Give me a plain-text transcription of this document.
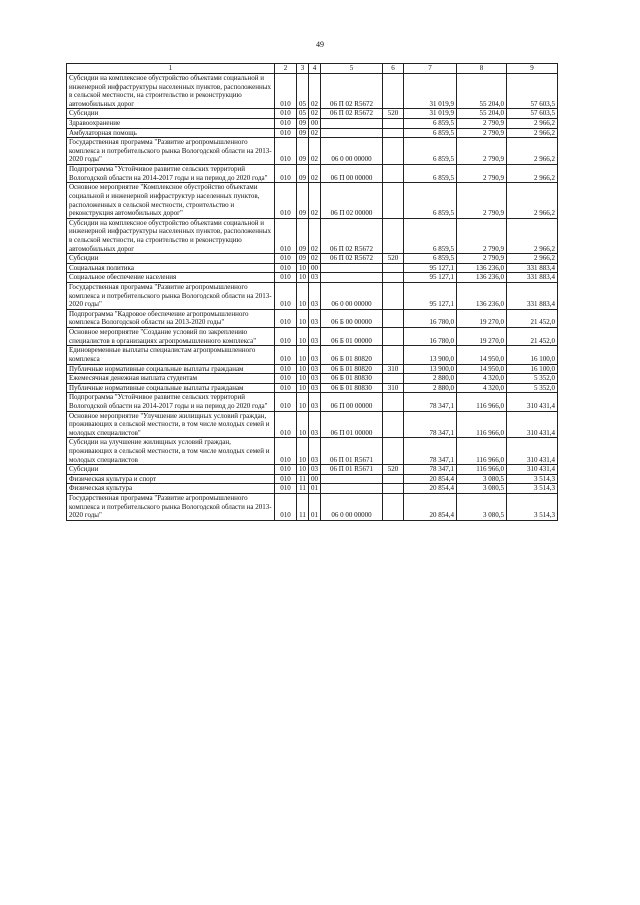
49
1	2	3	4	5	6	7	8	9
Субсидии на комплексное обустройство объектами социальной и инженерной инфраструктуры населенных пунктов, расположенных в сельской местности, на строительство и реконструкцию автомобильных дорог	010	05	02	06 П 02 R5672		31 019,9	55 204,0	57 603,5
Субсидии	010	05	02	06 П 02 R5672	520	31 019,9	55 204,0	57 603,5
Здравоохранение	010	09	00			6 859,5	2 790,9	2 966,2
Амбулаторная помощь	010	09	02			6 859,5	2 790,9	2 966,2
Государственная программа "Развитие агропромышленного комплекса и потребительского рынка Вологодской области на 2013-2020 годы"	010	09	02	06 0 00 00000		6 859,5	2 790,9	2 966,2
Подпрограмма "Устойчивое развитие сельских территорий Вологодской области на 2014-2017 годы и на период до 2020 года"	010	09	02	06 П 00 00000		6 859,5	2 790,9	2 966,2
Основное мероприятие "Комплексное обустройство объектами социальной и инженерной инфраструктур населенных пунктов, расположенных в сельской местности, строительство и реконструкция автомобильных дорог"	010	09	02	06 П 02 00000		6 859,5	2 790,9	2 966,2
Субсидии на комплексное обустройство объектами социальной и инженерной инфраструктуры населенных пунктов, расположенных в сельской местности, на строительство и реконструкцию автомобильных дорог	010	09	02	06 П 02 R5672		6 859,5	2 790,9	2 966,2
Субсидии	010	09	02	06 П 02 R5672	520	6 859,5	2 790,9	2 966,2
Социальная политика	010	10	00			95 127,1	136 236,0	331 883,4
Социальное обеспечение населения	010	10	03			95 127,1	136 236,0	331 883,4
Государственная программа "Развитие агропромышленного комплекса и потребительского рынка Вологодской области на 2013-2020 годы"	010	10	03	06 0 00 00000		95 127,1	136 236,0	331 883,4
Подпрограмма "Кадровое обеспечение агропромышленного комплекса Вологодской области на 2013-2020 годы"	010	10	03	06 Б 00 00000		16 780,0	19 270,0	21 452,0
Основное мероприятие "Создание условий по закреплению специалистов в организациях агропромышленного комплекса"	010	10	03	06 Б 01 00000		16 780,0	19 270,0	21 452,0
Единовременные выплаты специалистам агропромышленного комплекса	010	10	03	06 Б 01 80820		13 900,0	14 950,0	16 100,0
Публичные нормативные социальные выплаты гражданам	010	10	03	06 Б 01 80820	310	13 900,0	14 950,0	16 100,0
Ежемесячная денежная выплата студентам	010	10	03	06 Б 01 80830		2 880,0	4 320,0	5 352,0
Публичные нормативные социальные выплаты гражданам	010	10	03	06 Б 01 80830	310	2 880,0	4 320,0	5 352,0
Подпрограмма "Устойчивое развитие сельских территорий Вологодской области на 2014-2017 годы и на период до 2020 года"	010	10	03	06 П 00 00000		78 347,1	116 966,0	310 431,4
Основное мероприятие "Улучшение жилищных условий граждан, проживающих в сельской местности, в том числе молодых семей и молодых специалистов"	010	10	03	06 П 01 00000		78 347,1	116 966,0	310 431,4
Субсидии на улучшение жилищных условий граждан, проживающих в сельской местности, в том числе молодых семей и молодых специалистов	010	10	03	06 П 01 R5671		78 347,1	116 966,0	310 431,4
Субсидии	010	10	03	06 П 01 R5671	520	78 347,1	116 966,0	310 431,4
Физическая культура и спорт	010	11	00			20 854,4	3 080,5	3 514,3
Физическая культура	010	11	01			20 854,4	3 080,5	3 514,3
Государственная программа "Развитие агропромышленного комплекса и потребительского рынка Вологодской области на 2013-2020 годы"	010	11	01	06 0 00 00000		20 854,4	3 080,5	3 514,3
